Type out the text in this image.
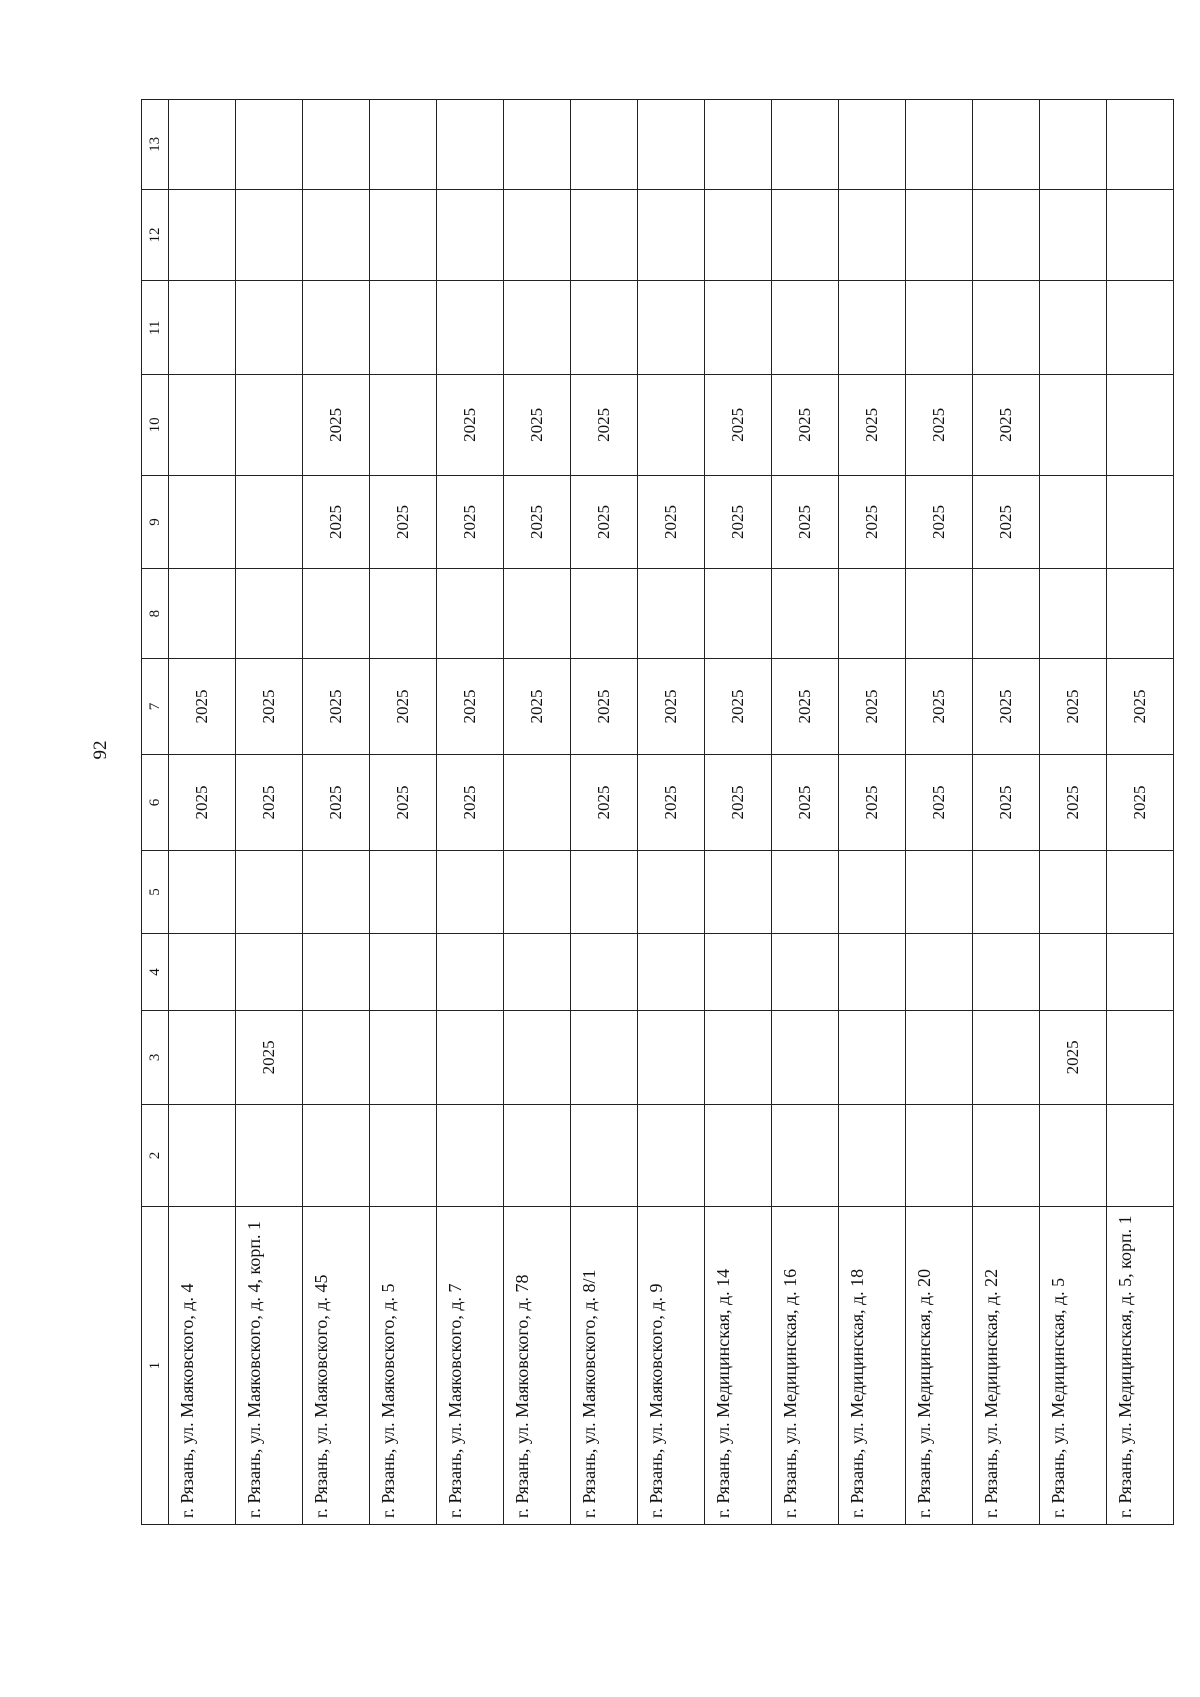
92
1	2	3	4	5	6	7	8	9	10	11	12	13
г. Рязань, ул. Маяковского, д. 4					2025	2025						
г. Рязань, ул. Маяковского, д. 4, корп. 1		2025			2025	2025						
г. Рязань, ул. Маяковского, д. 45					2025	2025		2025	2025			
г. Рязань, ул. Маяковского, д. 5					2025	2025		2025				
г. Рязань, ул. Маяковского, д. 7					2025	2025		2025	2025			
г. Рязань, ул. Маяковского, д. 78						2025		2025	2025			
г. Рязань, ул. Маяковского, д. 8/1					2025	2025		2025	2025			
г. Рязань, ул. Маяковского, д. 9					2025	2025		2025				
г. Рязань, ул. Медицинская, д. 14					2025	2025		2025	2025			
г. Рязань, ул. Медицинская, д. 16					2025	2025		2025	2025			
г. Рязань, ул. Медицинская, д. 18					2025	2025		2025	2025			
г. Рязань, ул. Медицинская, д. 20					2025	2025		2025	2025			
г. Рязань, ул. Медицинская, д. 22					2025	2025		2025	2025			
г. Рязань, ул. Медицинская, д. 5		2025			2025	2025						
г. Рязань, ул. Медицинская, д. 5, корп. 1					2025	2025						
